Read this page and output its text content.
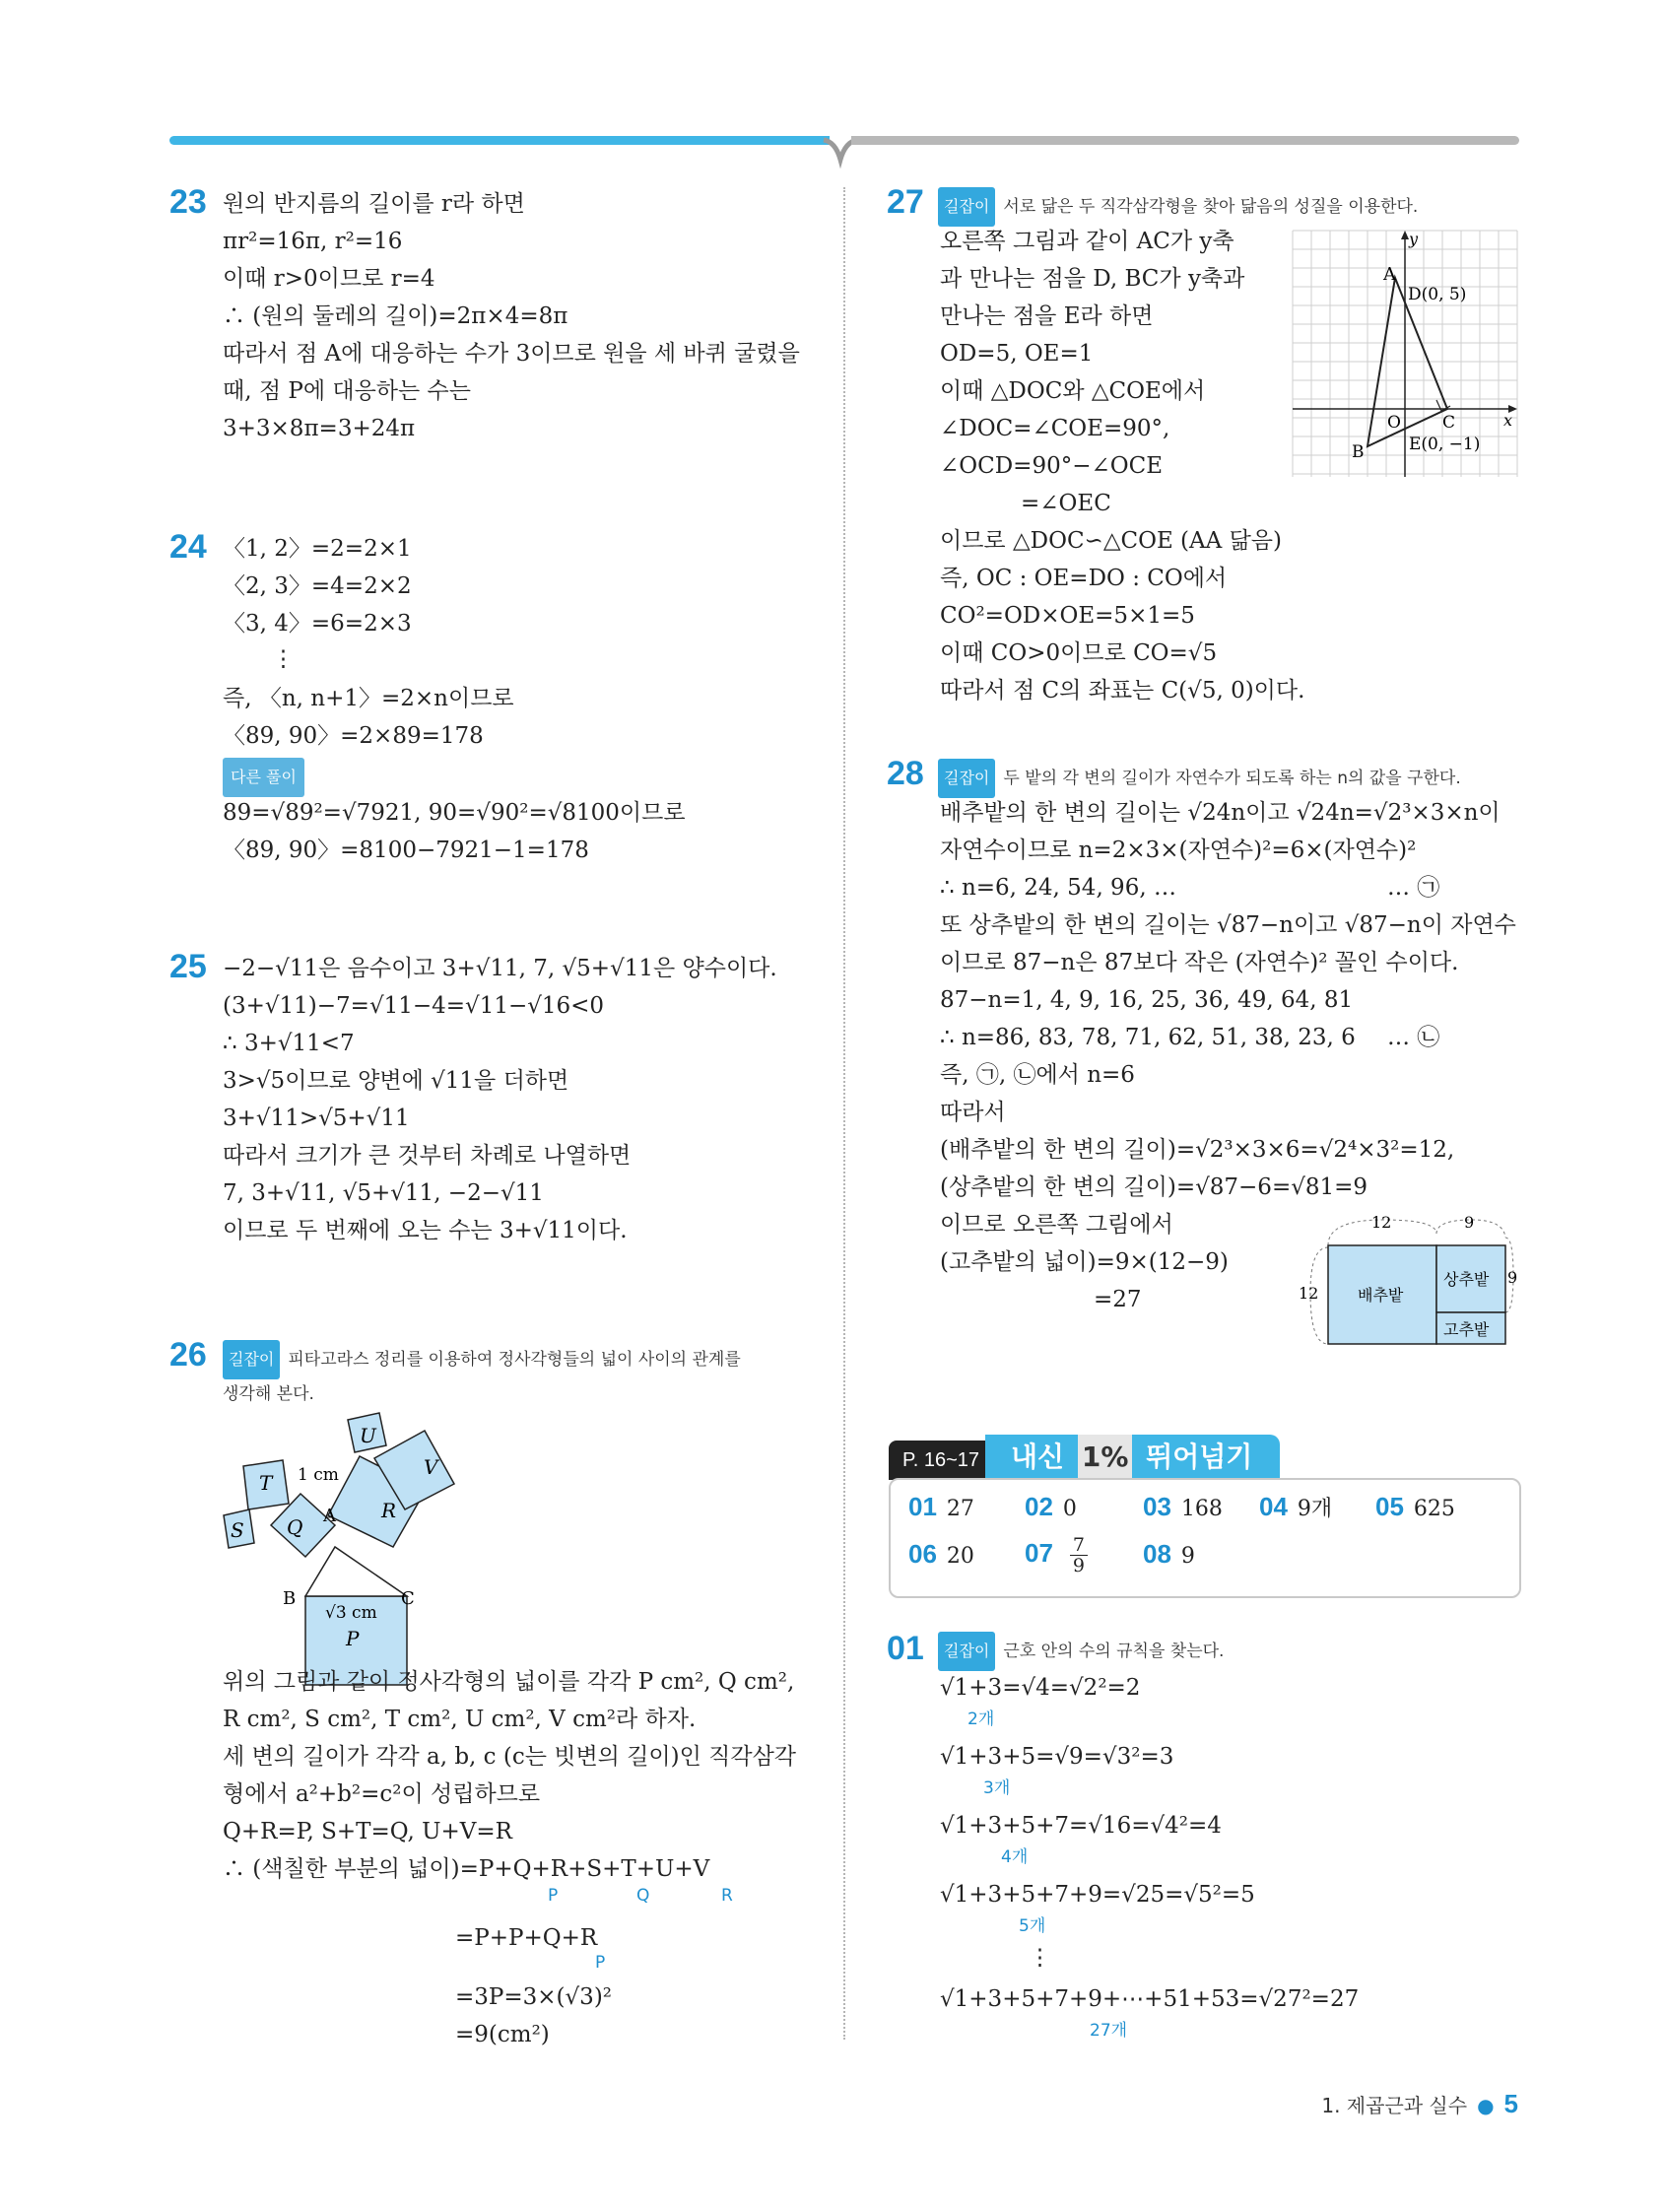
23 원의 반지름의 길이를 r라 하면
πr²=16π, r²=16
이때 r>0이므로 r=4
∴ (원의 둘레의 길이)=2π×4=8π
따라서 점 A에 대응하는 수가 3이므로 원을 세 바퀴 굴렸을
때, 점 P에 대응하는 수는
3+3×8π=3+24π
24 〈1, 2〉=2=2×1
〈2, 3〉=4=2×2
〈3, 4〉=6=2×3
⋮
즉, 〈n, n+1〉=2×n이므로
〈89, 90〉=2×89=178
다른 풀이
89=√89²=√7921, 90=√90²=√8100이므로
〈89, 90〉=8100−7921−1=178
25 −2−√11은 음수이고 3+√11, 7, √5+√11은 양수이다.
(3+√11)−7=√11−4=√11−√16<0
∴ 3+√11<7
3>√5이므로 양변에 √11을 더하면
3+√11>√5+√11
따라서 크기가 큰 것부터 차례로 나열하면
7, 3+√11, √5+√11, −2−√11
이므로 두 번째에 오는 수는 3+√11이다.
26	길잡이 피타고라스 정리를 이용하여 정사각형들의 넓이 사이의 관계를
생각해 본다.
T
S Q
U
V
R
P
A
B	C
1 cm
√3 cm
위의 그림과 같이 정사각형의 넓이를 각각 P cm², Q cm²,
R cm², S cm², T cm², U cm², V cm²라 하자.
세 변의 길이가 각각 a, b, c (c는 빗변의 길이)인 직각삼각
형에서 a²+b²=c²이 성립하므로
Q+R=P, S+T=Q, U+V=R
∴ (색칠한 부분의 넓이)=P+Q+R+S+T+U+V
P	Q	R
=P+P+Q+R
P
=3P=3×(√3)²
=9(cm²)
27	길잡이 서로 닮은 두 직각삼각형을 찾아 닮음의 성질을 이용한다.
오른쪽 그림과 같이 AC가 y축
과 만나는 점을 D, BC가 y축과
만나는 점을 E라 하면
OD=5, OE=1
이때 △DOC와 △COE에서
∠DOC=∠COE=90°,
∠OCD=90°−∠OCE
=∠OEC
이므로 △DOC∽△COE (AA 닮음)
즉, OC : OE=DO : CO에서
CO²=OD×OE=5×1=5
이때 CO>0이므로 CO=√5
따라서 점 C의 좌표는 C(√5, 0)이다.
y
x
A
D(0, 5)
O C
B	E(0, −1)
28	길잡이 두 밭의 각 변의 길이가 자연수가 되도록 하는 n의 값을 구한다.
배추밭의 한 변의 길이는 √24n이고 √24n=√2³×3×n이
자연수이므로 n=2×3×(자연수)²=6×(자연수)²
∴ n=6, 24, 54, 96, …	… ㉠
또 상추밭의 한 변의 길이는 √87−n이고 √87−n이 자연수
이므로 87−n은 87보다 작은 (자연수)² 꼴인 수이다.
87−n=1, 4, 9, 16, 25, 36, 49, 64, 81
∴ n=86, 83, 78, 71, 62, 51, 38, 23, 6 … ㉡
즉, ㉠, ㉡에서 n=6
따라서
(배추밭의 한 변의 길이)=√2³×3×6=√2⁴×3²=12,
(상추밭의 한 변의 길이)=√87−6=√81=9
이므로 오른쪽 그림에서
(고추밭의 넓이)=9×(12−9)
=27
12	9
12
9
배추밭
상추밭
고추밭
P. 16~17	내신 1% 뛰어넘기
01 27 02 0	03 168 04 9개 05 625
06 20 $07 \frac{7}{9} 08$ 9
01	길잡이 근호 안의 수의 규칙을 찾는다.
√1+3=√4=√2²=2
2개
√1+3+5=√9=√3²=3
3개
√1+3+5+7=√16=√4²=4
4개
√1+3+5+7+9=√25=√5²=5
5개
⋮
√1+3+5+7+9+⋯+51+53=√27²=27
27개
1. 제곱근과 실수 ● 5
